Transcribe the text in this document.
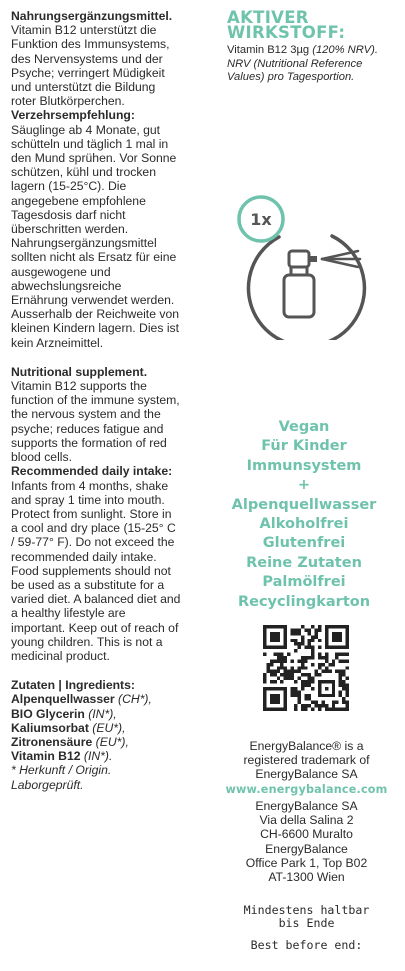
Nahrungsergänzungsmittel.

Vitamin B12 unterstützt die Funktion des Immunsystems, des Nervensystems und der Psyche; verringert Müdigkeit und unterstützt die Bildung roter Blutkörperchen.

Verzehrsempfehlung:

Säuglinge ab 4 Monate, gut schütteln und täglich 1 mal in den Mund sprühen. Vor Sonne schützen, kühl und trocken lagern (15-25°C). Die angegebene empfohlene Tagesdosis darf nicht überschritten werden. Nahrungsergänzungsmittel sollten nicht als Ersatz für eine ausgewogene und abwechslungsreiche Ernährung verwendet werden. Ausserhalb der Reichweite von kleinen Kindern lagern. Dies ist kein Arzneimittel.

Nutritional supplement.

Vitamin B12 supports the function of the immune system, the nervous system and the psyche; reduces fatigue and supports the formation of red blood cells.

Recommended daily intake:

Infants from 4 months, shake and spray 1 time into mouth. Protect from sunlight. Store in a cool and dry place (15-25° C / 59-77° F). Do not exceed the recommended daily intake. Food supplements should not be used as a substitute for a varied diet. A balanced diet and a healthy lifestyle are important. Keep out of reach of young children. This is not a medicinal product.

Zutaten | Ingredients:

Alpenquellwasser (CH*),

BIO Glycerin (IN*),

Kaliumsorbat (EU*),

Zitronensäure (EU*),

Vitamin B12 (IN*).

* Herkunft / Origin.

Laborgeprüft.

AKTIVER
WIRKSTOFF:
Vitamin B12 3µg (120% NRV).
NRV (Nutritional Reference Values) pro Tagesportion.
1x
Vegan
Für Kinder
Immunsystem
+ Alpenquellwasser
Alkoholfrei
Glutenfrei
Reine Zutaten
Palmölfrei
Recyclingkarton
EnergyBalance® is a
registered trademark of
EnergyBalance SA
www.energybalance.com
EnergyBalance SA
Via della Salina 2
CH-6600 Muralto
EnergyBalance
Office Park 1, Top B02
AT-1300 Wien
Mindestens haltbar
bis Ende
Best before end:
